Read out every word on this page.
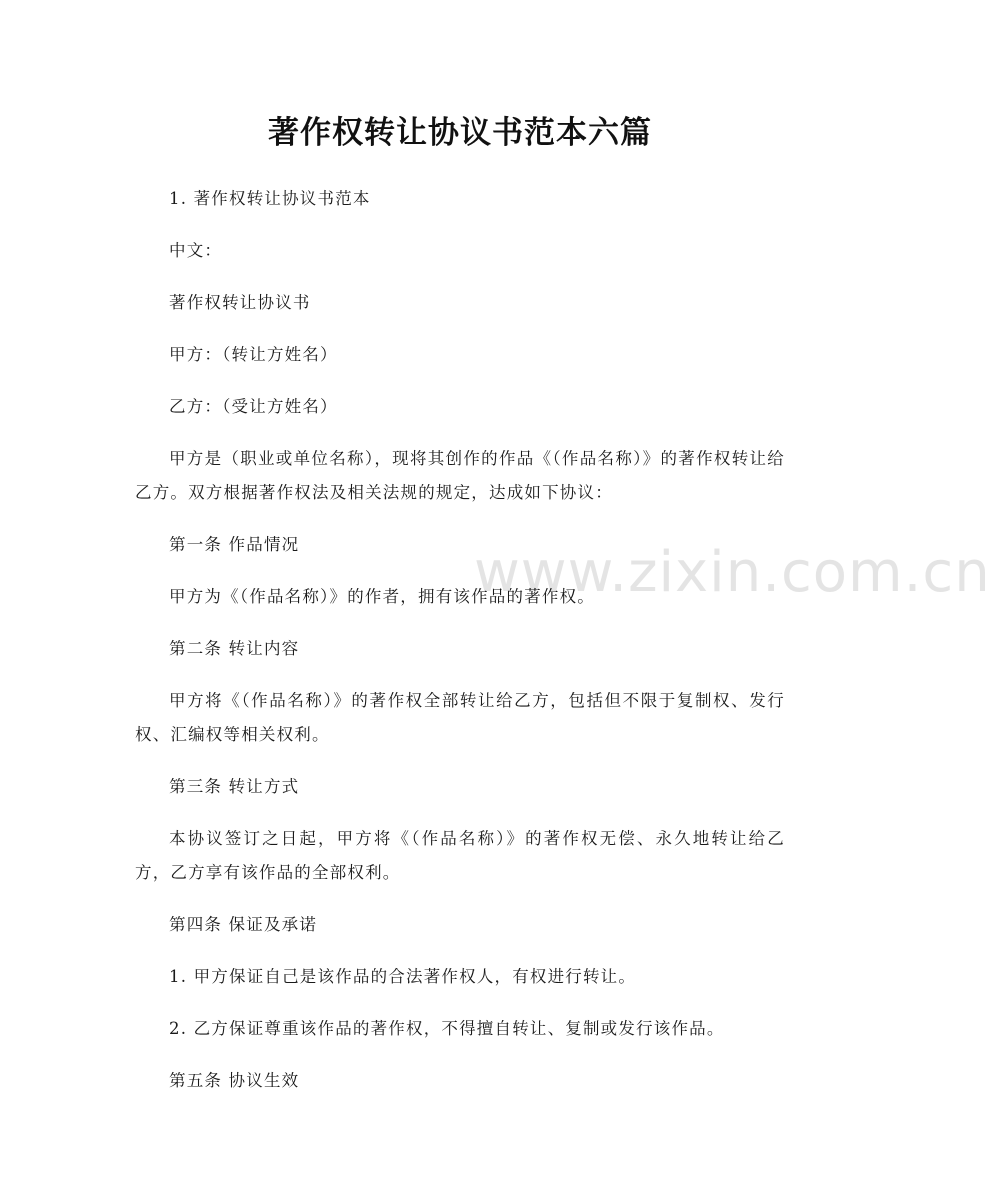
著作权转让协议书范本六篇
www.zixin.com.cn

1. 著作权转让协议书范本

中文：

著作权转让协议书

甲方：（转让方姓名）

乙方：（受让方姓名）

甲方是（职业或单位名称），现将其创作的作品《（作品名称）》的著作权转让给乙方。双方根据著作权法及相关法规的规定，达成如下协议：

第一条 作品情况

甲方为《（作品名称）》的作者，拥有该作品的著作权。

第二条 转让内容

甲方将《（作品名称）》的著作权全部转让给乙方，包括但不限于复制权、发行权、汇编权等相关权利。

第三条 转让方式

本协议签订之日起，甲方将《（作品名称）》的著作权无偿、永久地转让给乙方，乙方享有该作品的全部权利。

第四条 保证及承诺

1. 甲方保证自己是该作品的合法著作权人，有权进行转让。

2. 乙方保证尊重该作品的著作权，不得擅自转让、复制或发行该作品。

第五条 协议生效
